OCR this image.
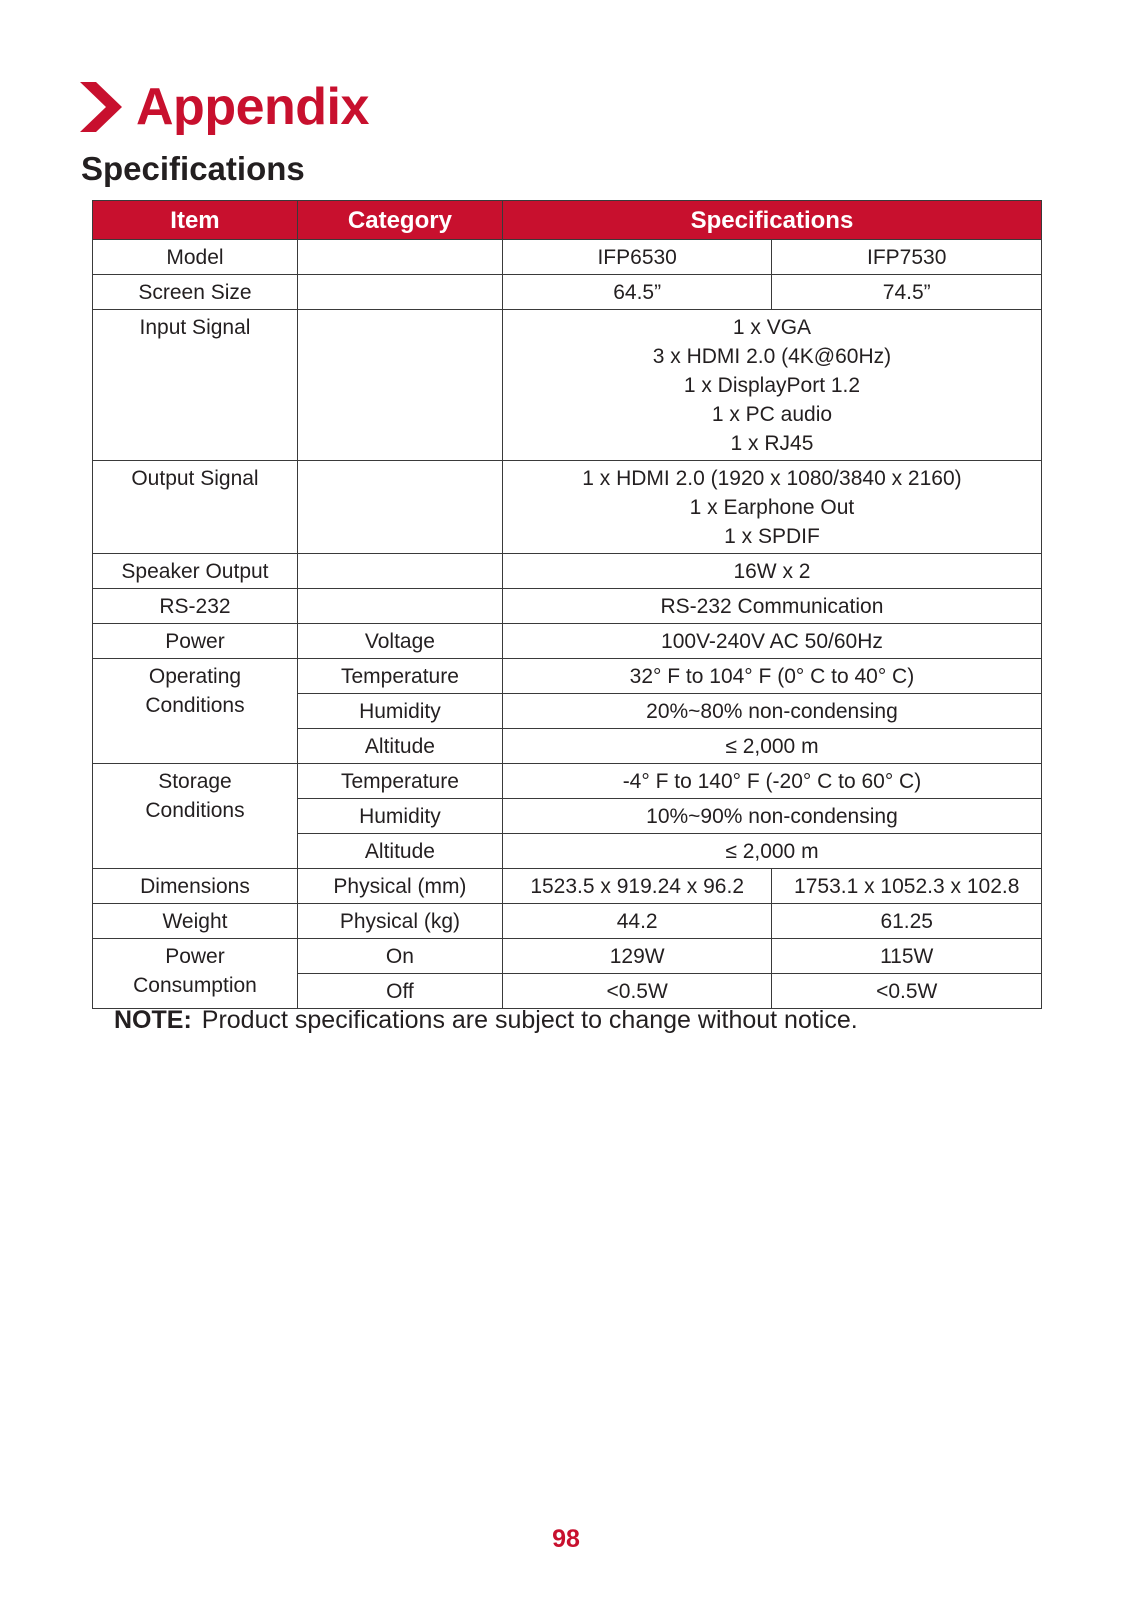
Appendix
Specifications
Item	Category	Specifications	
Model		IFP6530	IFP7530
Screen Size		64.5”	74.5”
Input Signal		1 x VGA
3 x HDMI 2.0 (4K@60Hz)
1 x DisplayPort 1.2
1 x PC audio
1 x RJ45	

Output Signal		1 x HDMI 2.0 (1920 x 1080/3840 x 2160)
1 x Earphone Out
1 x SPDIF	

Speaker Output		16W x 2	
RS-232		RS-232 Communication	
Power	Voltage	100V-240V AC 50/60Hz	

Operating
Conditions	Temperature	32° F to 104° F (0° C to 40° C)	
	Humidity	20%~80% non-condensing	
	Altitude	≤ 2,000 m	

Storage
Conditions	Temperature	-4° F to 140° F (-20° C to 60° C)	
	Humidity	10%~90% non-condensing	
	Altitude	≤ 2,000 m	
Dimensions	Physical (mm)	1523.5 x 919.24 x 96.2	1753.1 x 1052.3 x 102.8
Weight	Physical (kg)	44.2	61.25

Power
Consumption	On	129W	115W
	Off	<0.5W	<0.5W
NOTE: Product specifications are subject to change without notice.
98
